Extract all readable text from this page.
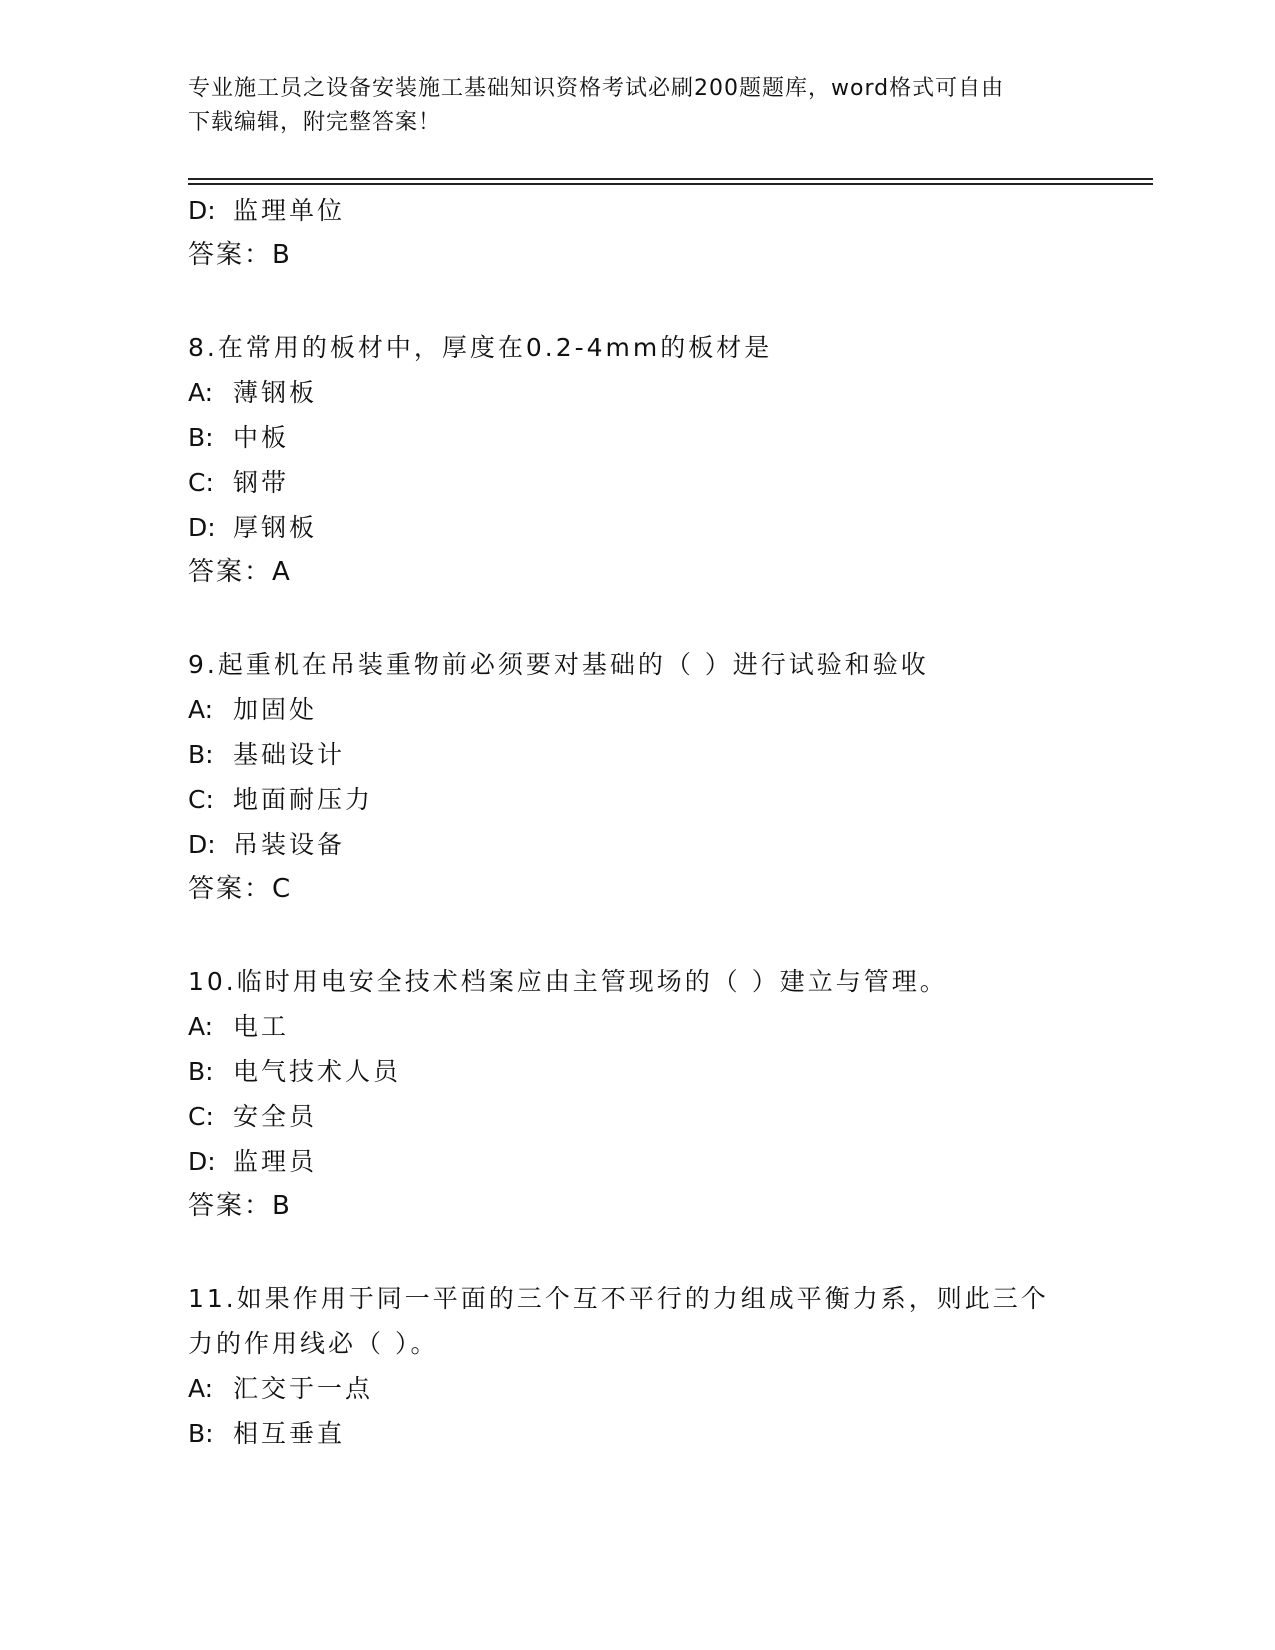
专业施工员之设备安装施工基础知识资格考试必刷200题题库，word格式可自由
下载编辑，附完整答案！
D: 监理单位
答案：B
8.在常用的板材中，厚度在0.2-4mm的板材是
A: 薄钢板
B: 中板
C: 钢带
D: 厚钢板
答案：A
9.起重机在吊装重物前必须要对基础的（ ）进行试验和验收
A: 加固处
B: 基础设计
C: 地面耐压力
D: 吊装设备
答案：C
10.临时用电安全技术档案应由主管现场的（ ）建立与管理。
A: 电工
B: 电气技术人员
C: 安全员
D: 监理员
答案：B
11.如果作用于同一平面的三个互不平行的力组成平衡力系，则此三个
力的作用线必（ ）。
A: 汇交于一点
B: 相互垂直
